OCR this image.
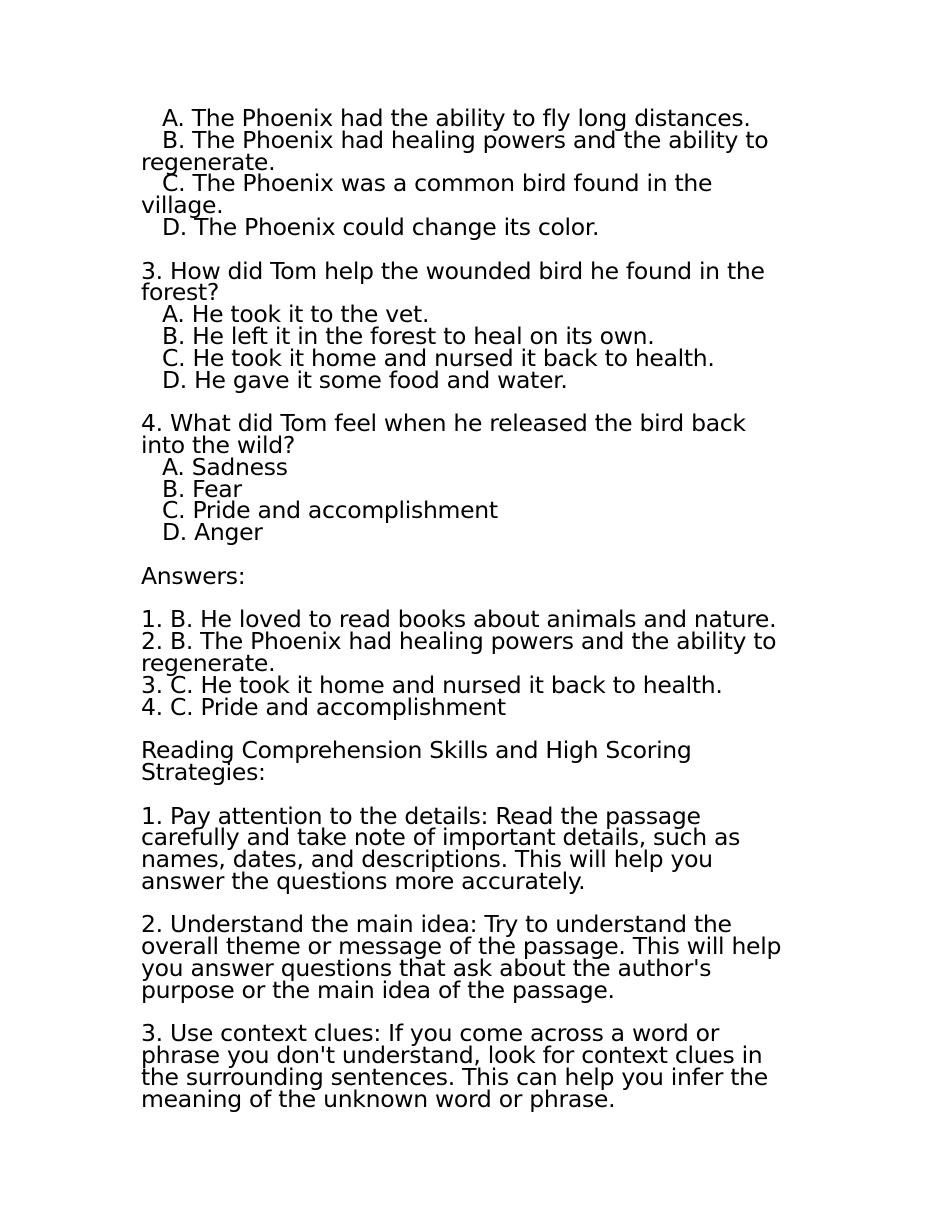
A. The Phoenix had the ability to fly long distances.
B. The Phoenix had healing powers and the ability to
regenerate.
C. The Phoenix was a common bird found in the
village.
D. The Phoenix could change its color.
3. How did Tom help the wounded bird he found in the
forest?
A. He took it to the vet.
B. He left it in the forest to heal on its own.
C. He took it home and nursed it back to health.
D. He gave it some food and water.
4. What did Tom feel when he released the bird back
into the wild?
A. Sadness
B. Fear
C. Pride and accomplishment
D. Anger
Answers:
1. B. He loved to read books about animals and nature.
2. B. The Phoenix had healing powers and the ability to
regenerate.
3. C. He took it home and nursed it back to health.
4. C. Pride and accomplishment
Reading Comprehension Skills and High Scoring
Strategies:
1. Pay attention to the details: Read the passage
carefully and take note of important details, such as
names, dates, and descriptions. This will help you
answer the questions more accurately.
2. Understand the main idea: Try to understand the
overall theme or message of the passage. This will help
you answer questions that ask about the author's
purpose or the main idea of the passage.
3. Use context clues: If you come across a word or
phrase you don't understand, look for context clues in
the surrounding sentences. This can help you infer the
meaning of the unknown word or phrase.
